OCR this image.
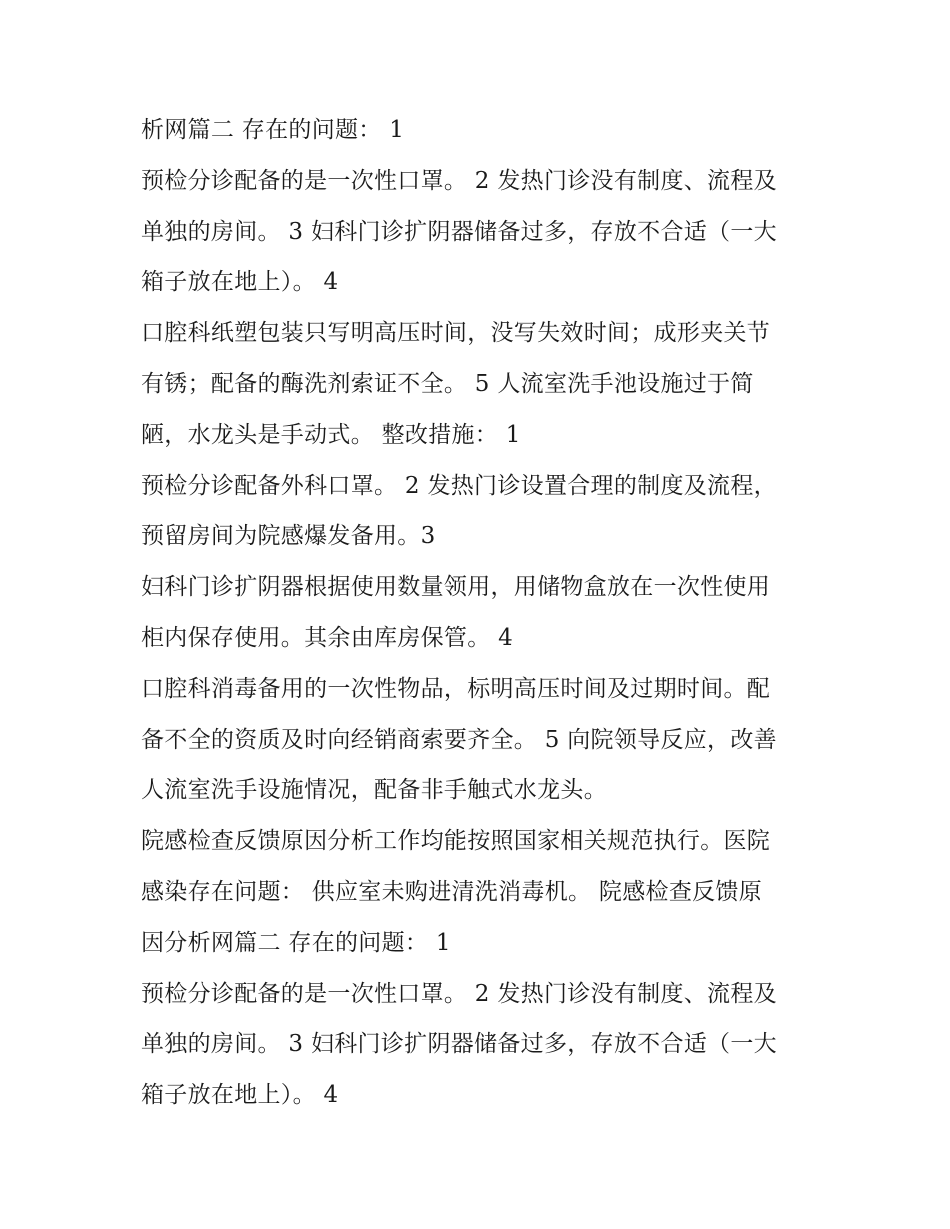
析网篇二 存在的问题： 1
预检分诊配备的是一次性口罩。 2 发热门诊没有制度、流程及
单独的房间。 3 妇科门诊扩阴器储备过多，存放不合适（一大
箱子放在地上）。 4
口腔科纸塑包装只写明高压时间，没写失效时间；成形夹关节
有锈；配备的酶洗剂索证不全。 5 人流室洗手池设施过于简
陋，水龙头是手动式。 整改措施： 1
预检分诊配备外科口罩。 2 发热门诊设置合理的制度及流程，
预留房间为院感爆发备用。3
妇科门诊扩阴器根据使用数量领用，用储物盒放在一次性使用
柜内保存使用。其余由库房保管。 4
口腔科消毒备用的一次性物品，标明高压时间及过期时间。配
备不全的资质及时向经销商索要齐全。 5 向院领导反应，改善
人流室洗手设施情况，配备非手触式水龙头。
院感检查反馈原因分析工作均能按照国家相关规范执行。医院
感染存在问题： 供应室未购进清洗消毒机。 院感检查反馈原
因分析网篇二 存在的问题： 1
预检分诊配备的是一次性口罩。 2 发热门诊没有制度、流程及
单独的房间。 3 妇科门诊扩阴器储备过多，存放不合适（一大
箱子放在地上）。 4
